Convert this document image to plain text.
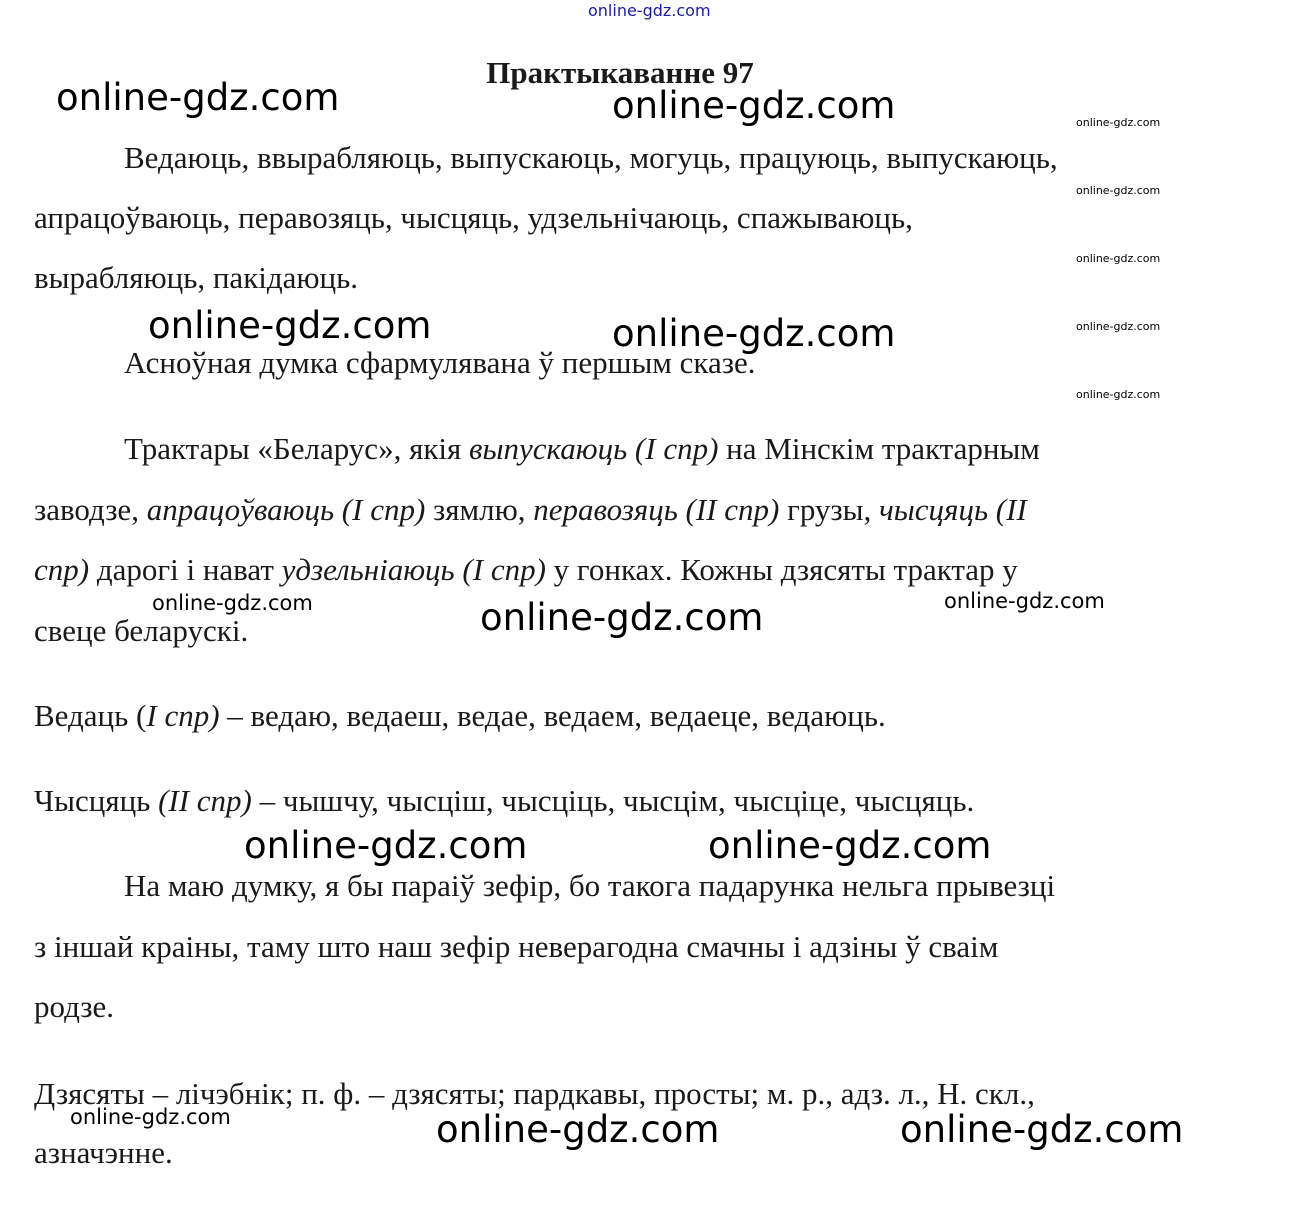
online-gdz.com
Практыкаванне 97
Ведаюць, ввырабляюць, выпускаюць, могуць, працуюць, выпускаюць,
апрацоўваюць, перавозяць, чысцяць, удзельнічаюць, спажываюць,
вырабляюць, пакідаюць.
Асноўная думка сфармулявана ў першым сказе.
Трактары «Беларус», якія выпускаюць (I спр) на Мінскім трактарным
заводзе, апрацоўваюць (I спр) зямлю, перавозяць (II спр) грузы, чысцяць (II
спр) дарогі і нават удзельніаюць (I спр) у гонках. Кожны дзясяты трактар у
свеце беларускі.
Ведаць (I спр) – ведаю, ведаеш, ведае, ведаем, ведаеце, ведаюць.
Чысцяць (II спр) – чышчу, чысціш, чысціць, чысцім, чысціце, чысцяць.
На маю думку, я бы параіў зефір, бо такога падарунка нельга прывезці
з іншай краіны, таму што наш зефір неверагодна смачны і адзіны ў сваім
родзе.
Дзясяты – лічэбнік; п. ф. – дзясяты; пардкавы, просты; м. р., адз. л., Н. скл.,
азначэнне.
online-gdz.com	online-gdz.com
online-gdz.com	online-gdz.com
online-gdz.com
online-gdz.com	online-gdz.com
online-gdz.com	online-gdz.com
online-gdz.com	online-gdz.com
online-gdz.com
online-gdz.com
online-gdz.com
online-gdz.com
online-gdz.com
online-gdz.com
